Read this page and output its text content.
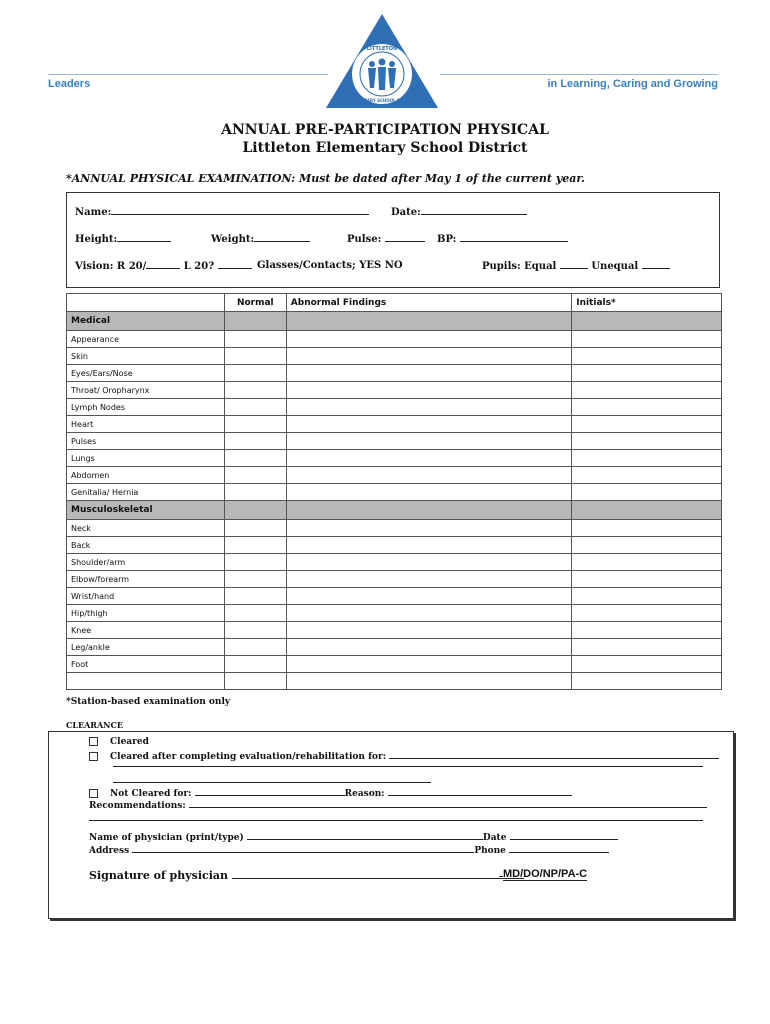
Leaders	in Learning, Caring and Growing
LITTLETON
ELEMENTARY SCHOOL DISTRICT
ANNUAL PRE-PARTICIPATION PHYSICAL
Littleton Elementary School District
*ANNUAL PHYSICAL EXAMINATION: Must be dated after May 1 of the current year.
Name:	Date:
Height:	Weight:	Pulse:	BP:
Vision: R 20/	L 20?	Glasses/Contacts; YES NO	Pupils: Equal	Unequal
	Normal	Abnormal Findings	Initials*
Medical			
Appearance			
Skin			
Eyes/Ears/Nose			
Throat/ Oropharynx			
Lymph Nodes			
Heart			
Pulses			
Lungs			
Abdomen			
Genitalia/ Hernia			
Musculoskeletal			
Neck			
Back			
Shoulder/arm			
Elbow/forearm			
Wrist/hand			
Hip/thigh			
Knee			
Leg/ankle			
Foot			

*Station-based examination only
CLEARANCE
Cleared
Cleared after completing evaluation/rehabilitation for:
Not Cleared for:	Reason:
Recommendations:
Name of physician (print/type)	Date
Address	Phone
Signature of physician	MD/DO/NP/PA-C
